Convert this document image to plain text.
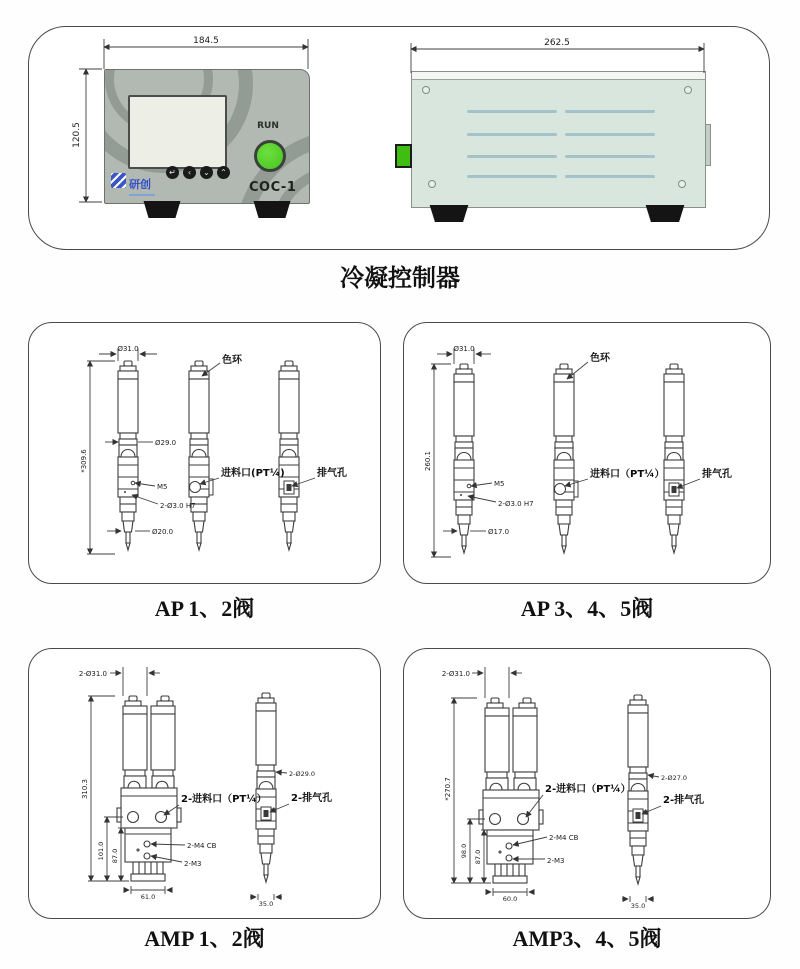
↵	‹	⌄	⌃
RUN
COC-1
研创
184.5
120.5
262.5
冷凝控制器
Ø31.0
*309.6
Ø29.0
M5
2-Ø3.0 H7
Ø20.0
色环
进料口(PT¼)	排气孔
Ø31.0
260.1
M5
2-Ø3.0 H7
Ø17.0
色环
进料口（PT¼）	排气孔
AP 1、2阀	AP 3、4、5阀
2-Ø31.0
310.3
101.0 87.0
61.0
2-Ø29.0
35.0
2-进料口（PT¼）
2-M4 CB
2-M3
2-排气孔
2-Ø31.0
*270.7
98.0 87.0
60.0
2-Ø27.0
35.0
2-进料口（PT¼）
2-M4 CB
2-M3
2-排气孔
AMP 1、2阀	AMP3、4、5阀
